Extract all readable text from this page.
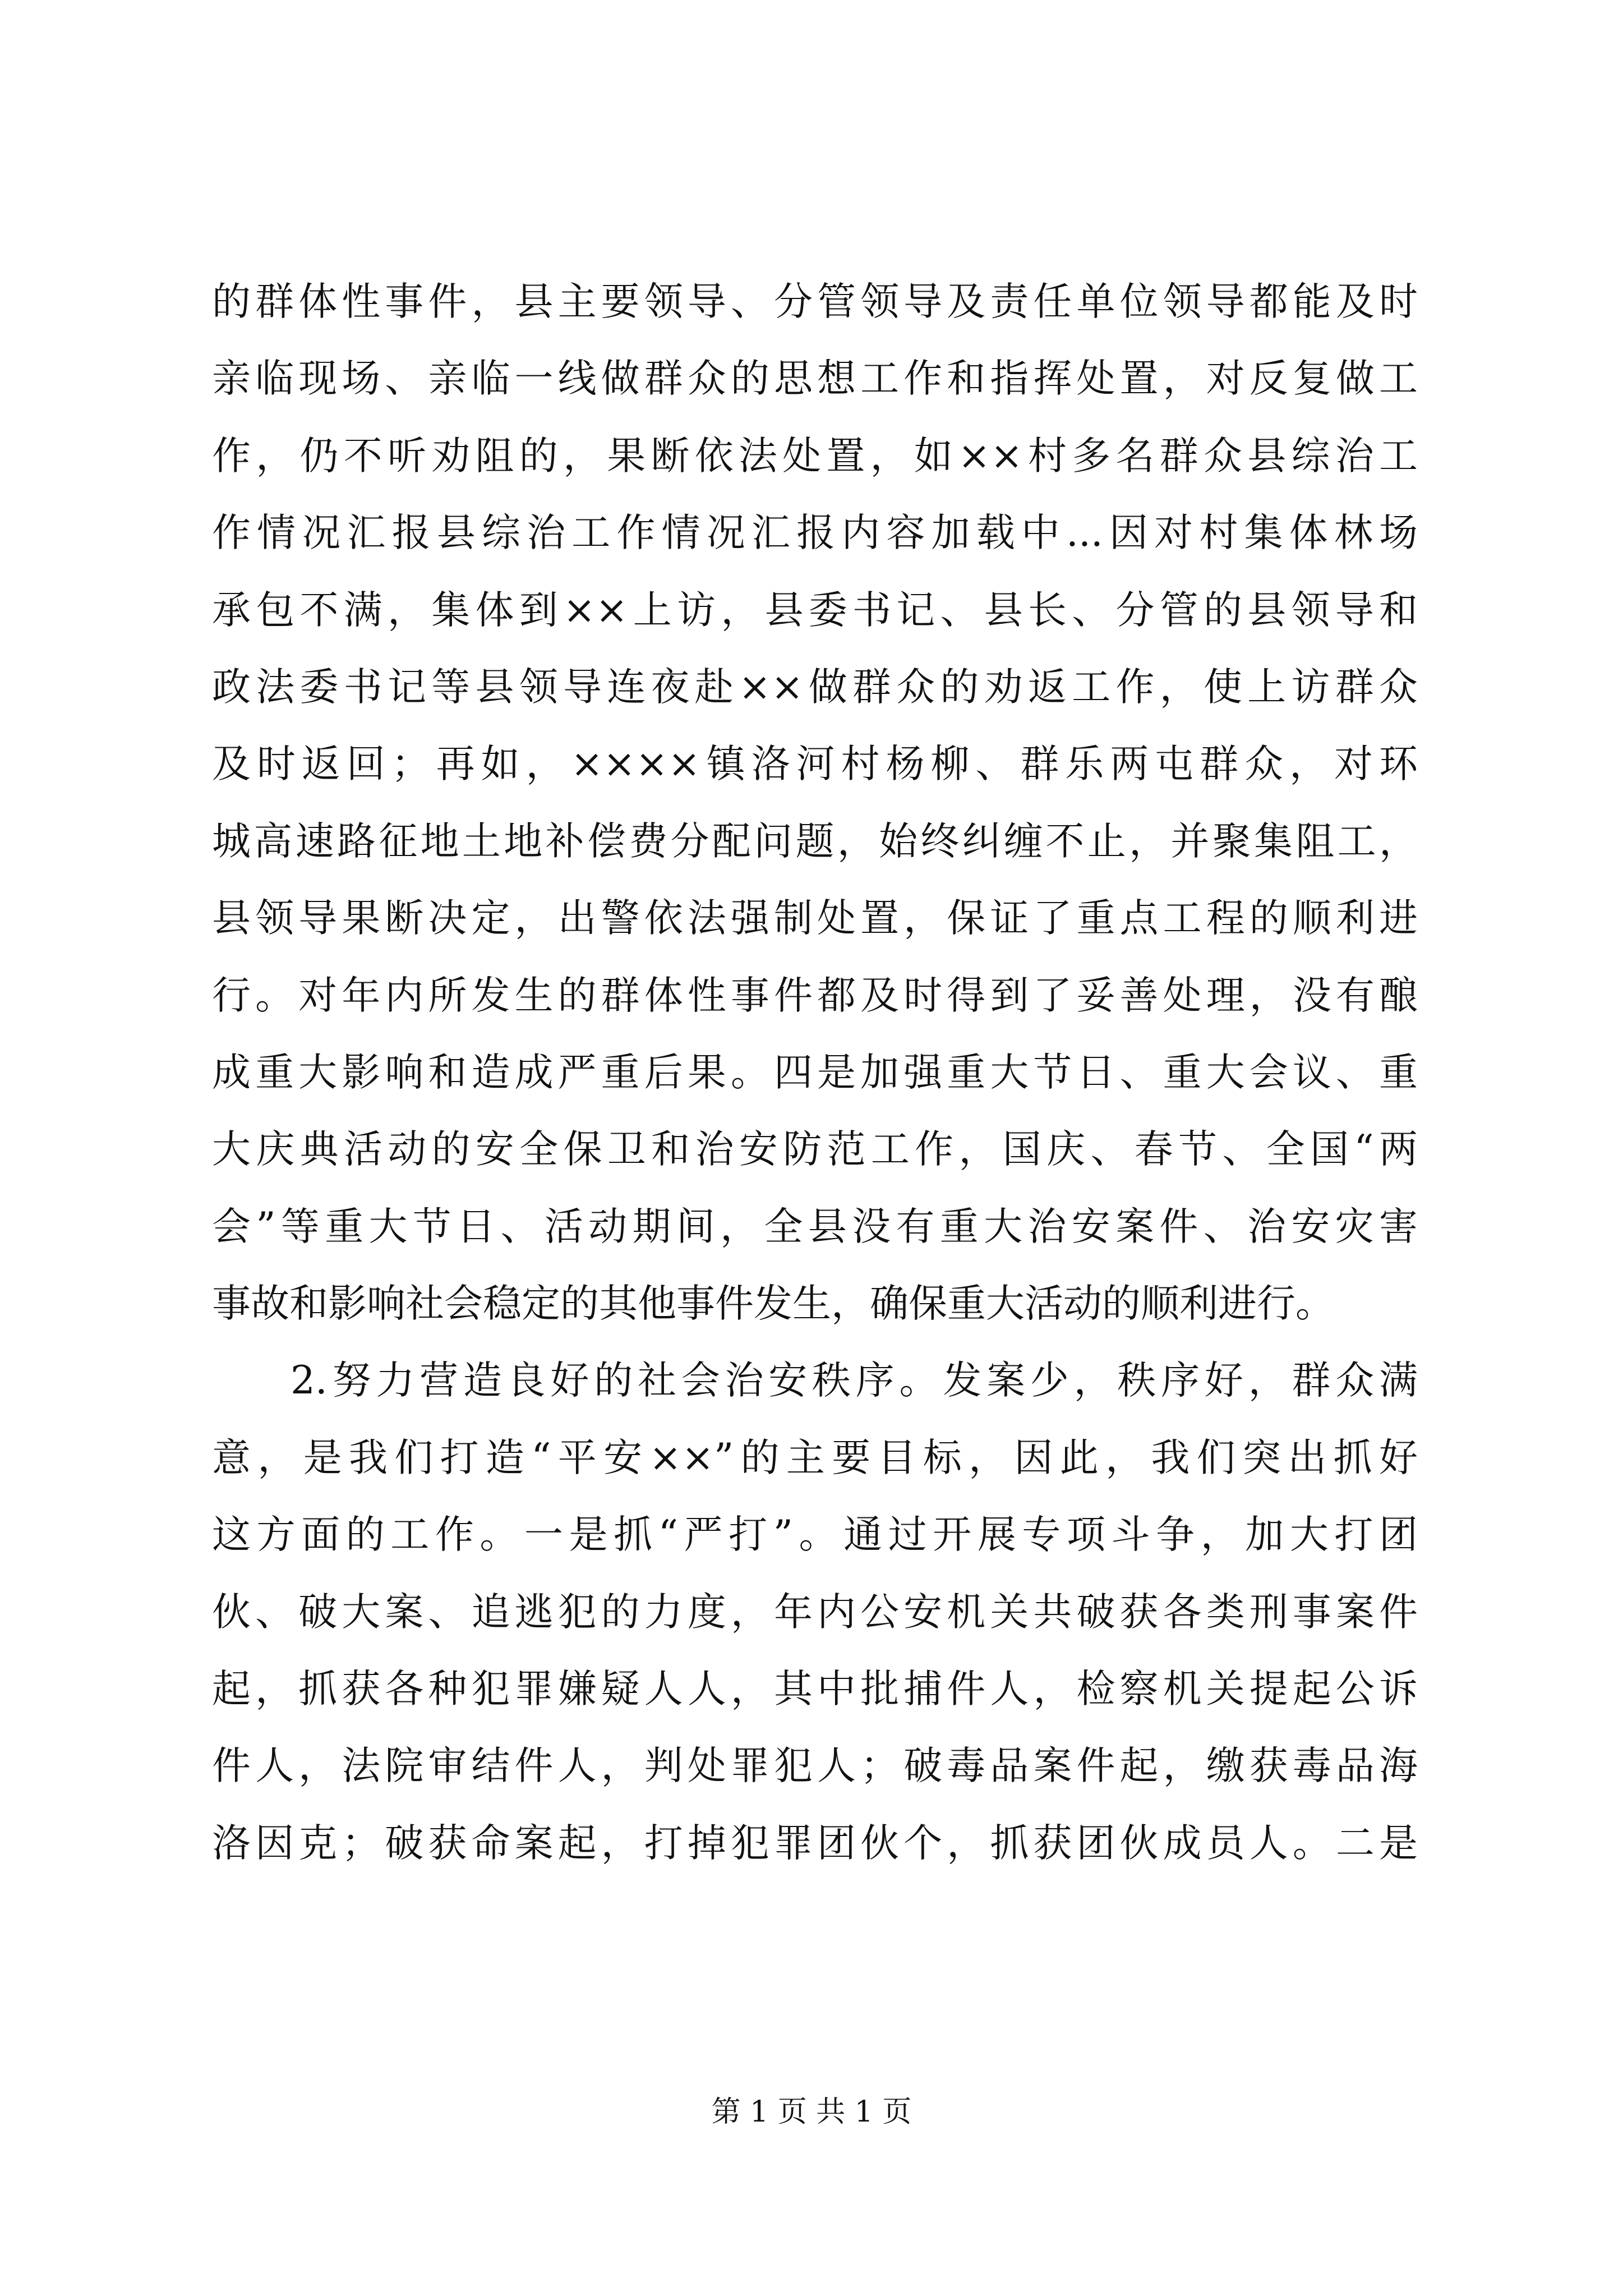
的群体性事件，县主要领导、分管领导及责任单位领导都能及时
亲临现场、亲临一线做群众的思想工作和指挥处置，对反复做工
作，仍不听劝阻的，果断依法处置，如××村多名群众县综治工
作情况汇报县综治工作情况汇报内容加载中...因对村集体林场
承包不满，集体到××上访，县委书记、县长、分管的县领导和
政法委书记等县领导连夜赴××做群众的劝返工作，使上访群众
及时返回；再如，××××镇洛河村杨柳、群乐两屯群众，对环
城高速路征地土地补偿费分配问题，始终纠缠不止，并聚集阻工，
县领导果断决定，出警依法强制处置，保证了重点工程的顺利进
行。对年内所发生的群体性事件都及时得到了妥善处理，没有酿
成重大影响和造成严重后果。四是加强重大节日、重大会议、重
大庆典活动的安全保卫和治安防范工作，国庆、春节、全国“两
会”等重大节日、活动期间，全县没有重大治安案件、治安灾害
事故和影响社会稳定的其他事件发生，确保重大活动的顺利进行。
2.努力营造良好的社会治安秩序。发案少，秩序好，群众满
意，是我们打造“平安××”的主要目标，因此，我们突出抓好
这方面的工作。一是抓“严打”。通过开展专项斗争，加大打团
伙、破大案、追逃犯的力度，年内公安机关共破获各类刑事案件
起，抓获各种犯罪嫌疑人人，其中批捕件人，检察机关提起公诉
件人，法院审结件人，判处罪犯人；破毒品案件起，缴获毒品海
洛因克；破获命案起，打掉犯罪团伙个，抓获团伙成员人。二是
第 1 页 共 1 页
